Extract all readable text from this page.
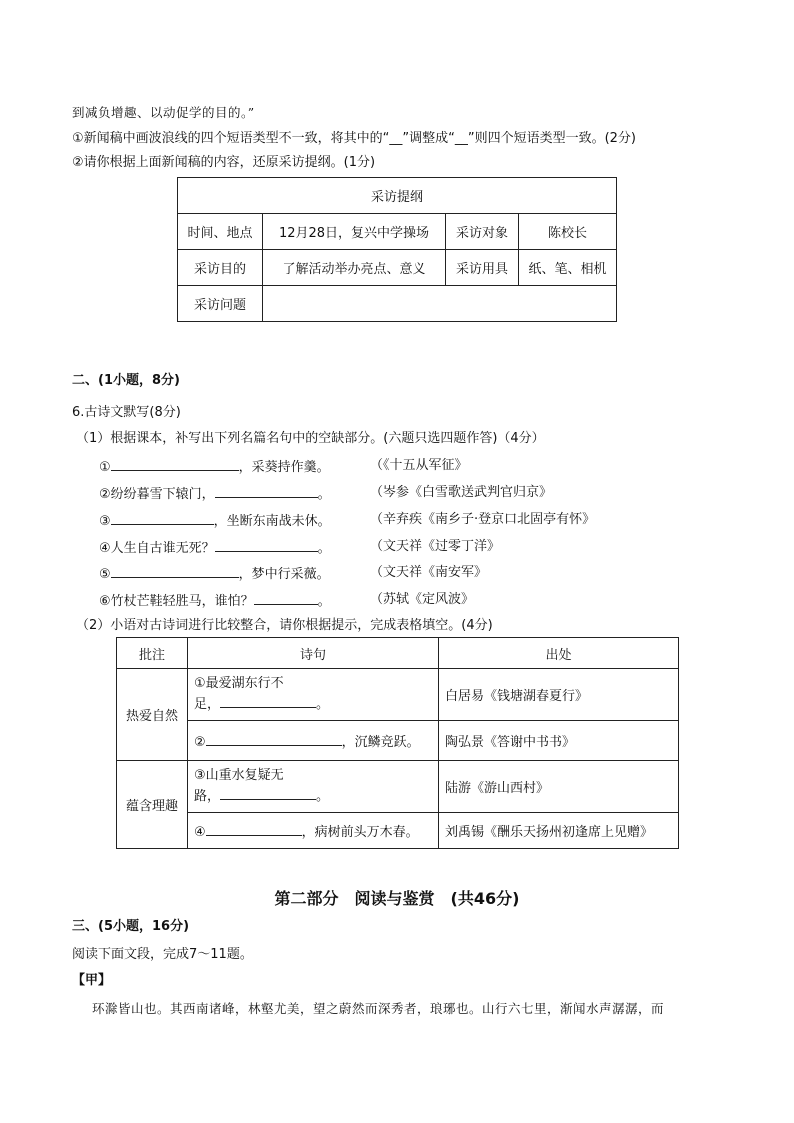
到减负增趣、以动促学的目的。”
①新闻稿中画波浪线的四个短语类型不一致，将其中的“__”调整成“__”则四个短语类型一致。(2分)
②请你根据上面新闻稿的内容，还原采访提纲。(1分)
采访提纲			
时间、地点	12月28日，复兴中学操场	采访对象	陈校长
采访目的	了解活动举办亮点、意义	采访用具	纸、笔、相机
采访问题			
二、(1小题，8分)
6.古诗文默写(8分)
（1）根据课本，补写出下列名篇名句中的空缺部分。(六题只选四题作答)（4分）
①	，采葵持作羹。	（《十五从军征》
②纷纷暮雪下辕门，	。	（岑参《白雪歌送武判官归京》
③	，坐断东南战未休。	（辛弃疾《南乡子·登京口北固亭有怀》
④人生自古谁无死？	。	（文天祥《过零丁洋》
⑤	，梦中行采薇。	（文天祥《南安军》
⑥竹杖芒鞋轻胜马，谁怕？	。	（苏轼《定风波》
（2）小语对古诗词进行比较整合，请你根据提示，完成表格填空。(4分)
批注	诗句	出处
热爱自然	①最爱湖东行不
足， 。	白居易《钱塘湖春夏行》
	② ，沉鳞竞跃。	陶弘景《答谢中书书》
蕴含理趣	③山重水复疑无
路， 。	陆游《游山西村》
	④ ，病树前头万木春。	刘禹锡《酬乐天扬州初逢席上见赠》
第二部分　阅读与鉴赏　(共46分)
三、(5小题，16分)
阅读下面文段，完成7～11题。
【甲】
环滁皆山也。其西南诸峰，林壑尤美，望之蔚然而深秀者，琅琊也。山行六七里，渐闻水声潺潺，而
